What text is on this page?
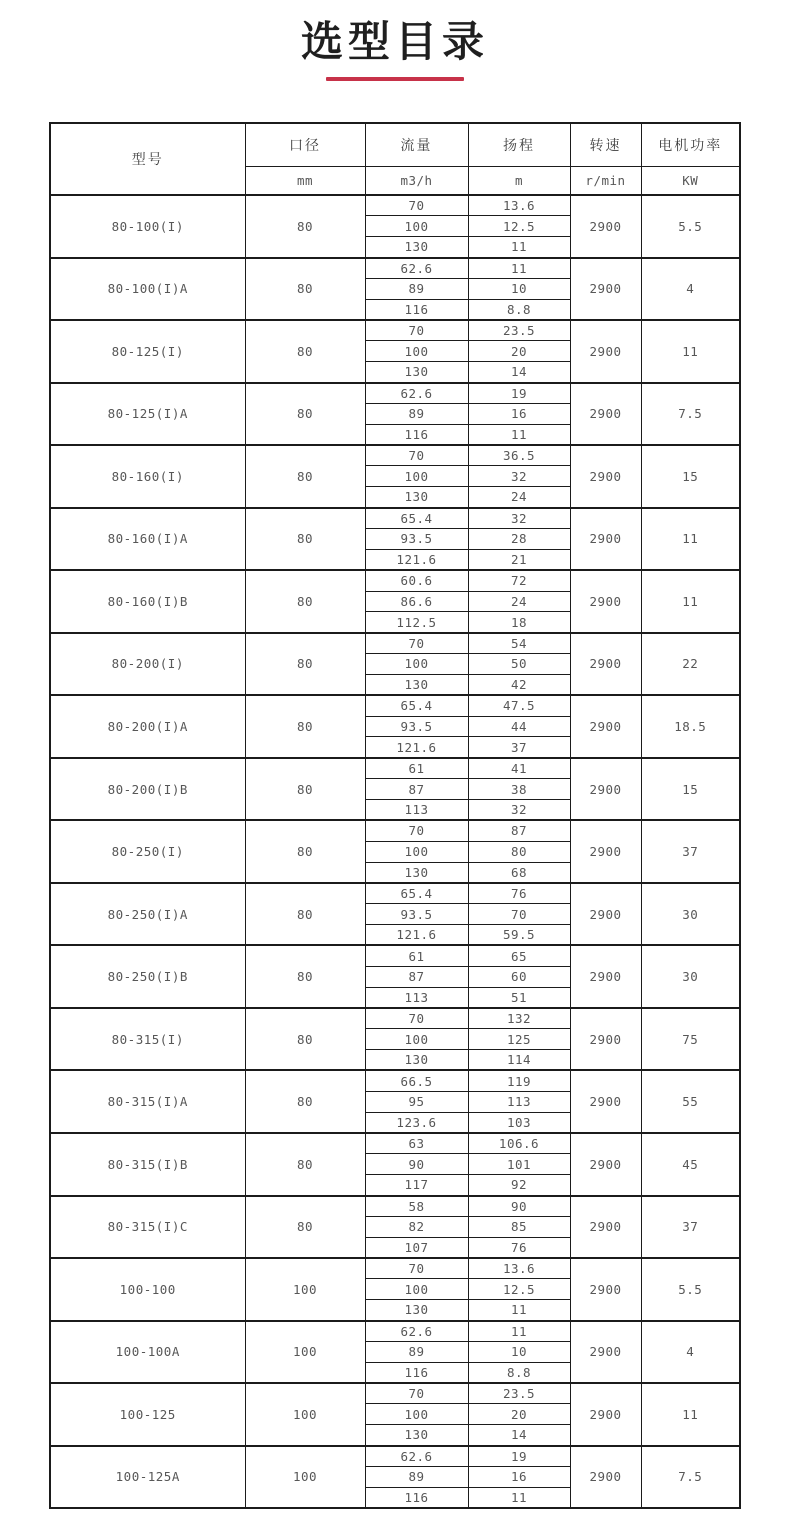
选型目录
型号	口径	流量	扬程	转速	电机功率
	mm	m3/h	m	r/min	KW
80-100(I)	80	70	13.6	2900	5.5
		100	12.5		
		130	11		
80-100(I)A	80	62.6	11	2900	4
		89	10		
		116	8.8		
80-125(I)	80	70	23.5	2900	11
		100	20		
		130	14		
80-125(I)A	80	62.6	19	2900	7.5
		89	16		
		116	11		
80-160(I)	80	70	36.5	2900	15
		100	32		
		130	24		
80-160(I)A	80	65.4	32	2900	11
		93.5	28		
		121.6	21		
80-160(I)B	80	60.6	72	2900	11
		86.6	24		
		112.5	18		
80-200(I)	80	70	54	2900	22
		100	50		
		130	42		
80-200(I)A	80	65.4	47.5	2900	18.5
		93.5	44		
		121.6	37		
80-200(I)B	80	61	41	2900	15
		87	38		
		113	32		
80-250(I)	80	70	87	2900	37
		100	80		
		130	68		
80-250(I)A	80	65.4	76	2900	30
		93.5	70		
		121.6	59.5		
80-250(I)B	80	61	65	2900	30
		87	60		
		113	51		
80-315(I)	80	70	132	2900	75
		100	125		
		130	114		
80-315(I)A	80	66.5	119	2900	55
		95	113		
		123.6	103		
80-315(I)B	80	63	106.6	2900	45
		90	101		
		117	92		
80-315(I)C	80	58	90	2900	37
		82	85		
		107	76		
100-100	100	70	13.6	2900	5.5
		100	12.5		
		130	11		
100-100A	100	62.6	11	2900	4
		89	10		
		116	8.8		
100-125	100	70	23.5	2900	11
		100	20		
		130	14		
100-125A	100	62.6	19	2900	7.5
		89	16		
		116	11		
